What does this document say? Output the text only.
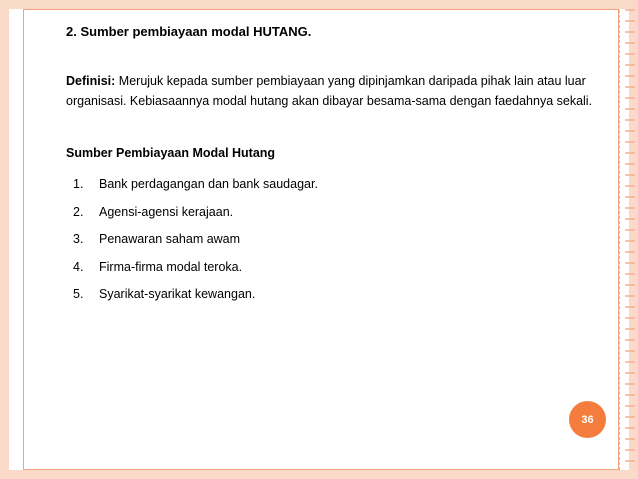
2. Sumber pembiayaan modal HUTANG.
Definisi: Merujuk kepada sumber pembiayaan yang dipinjamkan daripada pihak lain atau luar organisasi. Kebiasaannya modal hutang akan dibayar besama-sama dengan faedahnya sekali.
Sumber Pembiayaan Modal Hutang
1. Bank perdagangan dan bank saudagar.
2. Agensi-agensi kerajaan.
3. Penawaran saham awam
4. Firma-firma modal teroka.
5. Syarikat-syarikat kewangan.
36
